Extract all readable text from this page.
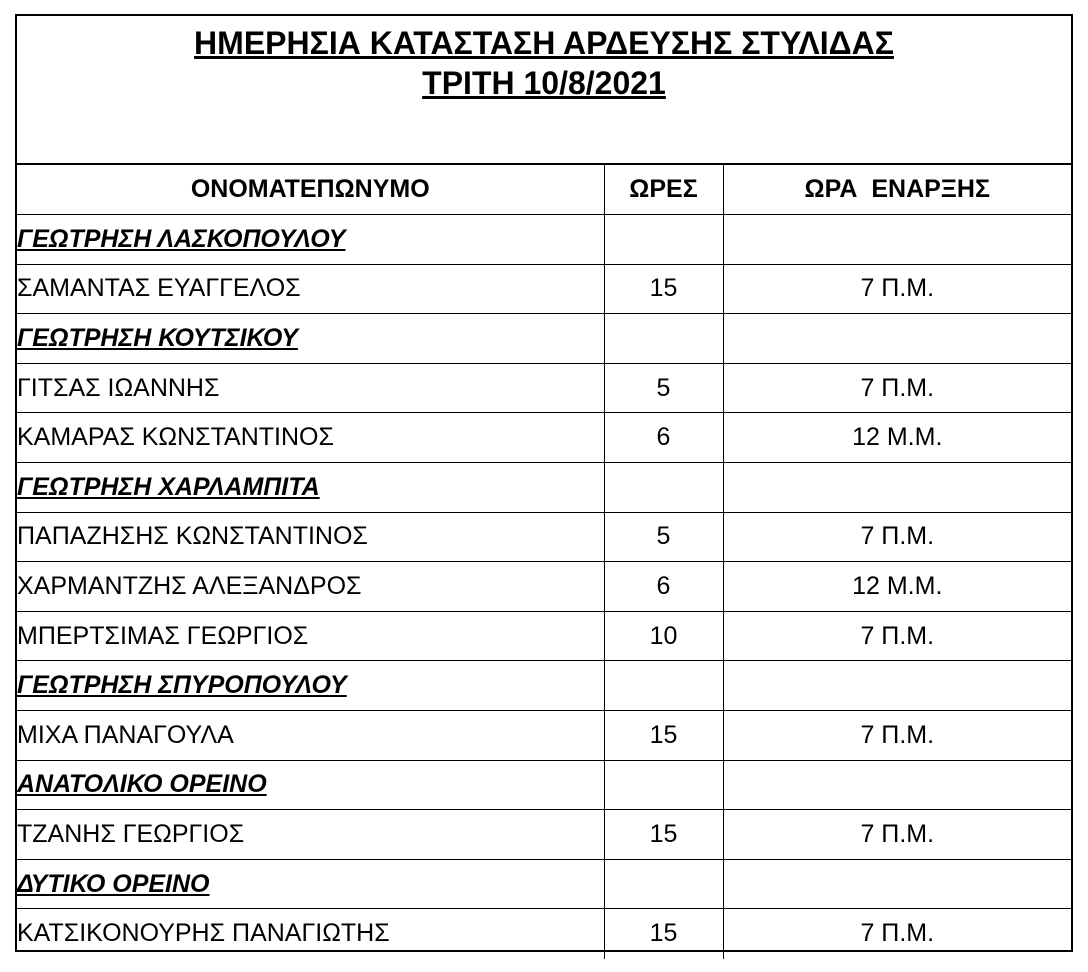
ΗΜΕΡΗΣΙΑ ΚΑΤΑΣΤΑΣΗ ΑΡΔΕΥΣΗΣ ΣΤΥΛΙΔΑΣ
ΤΡΙΤΗ 10/8/2021
ΟΝΟΜΑΤΕΠΩΝΥΜΟ	ΩΡΕΣ	ΩΡΑ  ΕΝΑΡΞΗΣ
ΓΕΩΤΡΗΣΗ ΛΑΣΚΟΠΟΥΛΟΥ		
ΣΑΜΑΝΤΑΣ ΕΥΑΓΓΕΛΟΣ	15	7 Π.Μ.
ΓΕΩΤΡΗΣΗ ΚΟΥΤΣΙΚΟΥ		
ΓΙΤΣΑΣ ΙΩΑΝΝΗΣ	5	7 Π.Μ.
ΚΑΜΑΡΑΣ ΚΩΝΣΤΑΝΤΙΝΟΣ	6	12 Μ.Μ.
ΓΕΩΤΡΗΣΗ ΧΑΡΛΑΜΠΙΤΑ		
ΠΑΠΑΖΗΣΗΣ ΚΩΝΣΤΑΝΤΙΝΟΣ	5	7 Π.Μ.
ΧΑΡΜΑΝΤΖΗΣ ΑΛΕΞΑΝΔΡΟΣ	6	12 Μ.Μ.
ΜΠΕΡΤΣΙΜΑΣ ΓΕΩΡΓΙΟΣ	10	7 Π.Μ.
ΓΕΩΤΡΗΣΗ ΣΠΥΡΟΠΟΥΛΟΥ		
ΜΙΧΑ ΠΑΝΑΓΟΥΛΑ	15	7 Π.Μ.
ΑΝΑΤΟΛΙΚΟ ΟΡΕΙΝΟ		
ΤΖΑΝΗΣ ΓΕΩΡΓΙΟΣ	15	7 Π.Μ.
ΔΥΤΙΚΟ ΟΡΕΙΝΟ		
ΚΑΤΣΙΚΟΝΟΥΡΗΣ ΠΑΝΑΓΙΩΤΗΣ	15	7 Π.Μ.
